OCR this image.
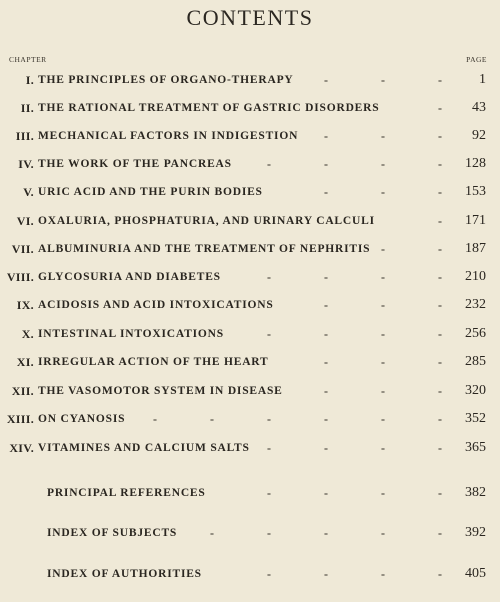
CONTENTS
CHAPTER	PAGE
I. THE PRINCIPLES OF ORGANO-THERAPY	1
-
-
-
II. THE RATIONAL TREATMENT OF GASTRIC DISORDERS	43
-
III. MECHANICAL FACTORS IN INDIGESTION	92
-
-
-
IV. THE WORK OF THE PANCREAS	128
-
-
-
-
V. URIC ACID AND THE PURIN BODIES	153
-
-
-
VI. OXALURIA, PHOSPHATURIA, AND URINARY CALCULI	171
-
VII. ALBUMINURIA AND THE TREATMENT OF NEPHRITIS	187
-
-
VIII. GLYCOSURIA AND DIABETES	210
-
-
-
-
IX. ACIDOSIS AND ACID INTOXICATIONS	232
-
-
-
X. INTESTINAL INTOXICATIONS	256
-
-
-
-
XI. IRREGULAR ACTION OF THE HEART	285
-
-
-
XII. THE VASOMOTOR SYSTEM IN DISEASE	320
-
-
-
XIII. ON CYANOSIS	352
-
-
-
-
-
-
XIV. VITAMINES AND CALCIUM SALTS	365
-
-
-
-
PRINCIPAL REFERENCES	382
-
-
-
-
INDEX OF SUBJECTS	392
-
-
-
-
-
INDEX OF AUTHORITIES	405
-
-
-
-
